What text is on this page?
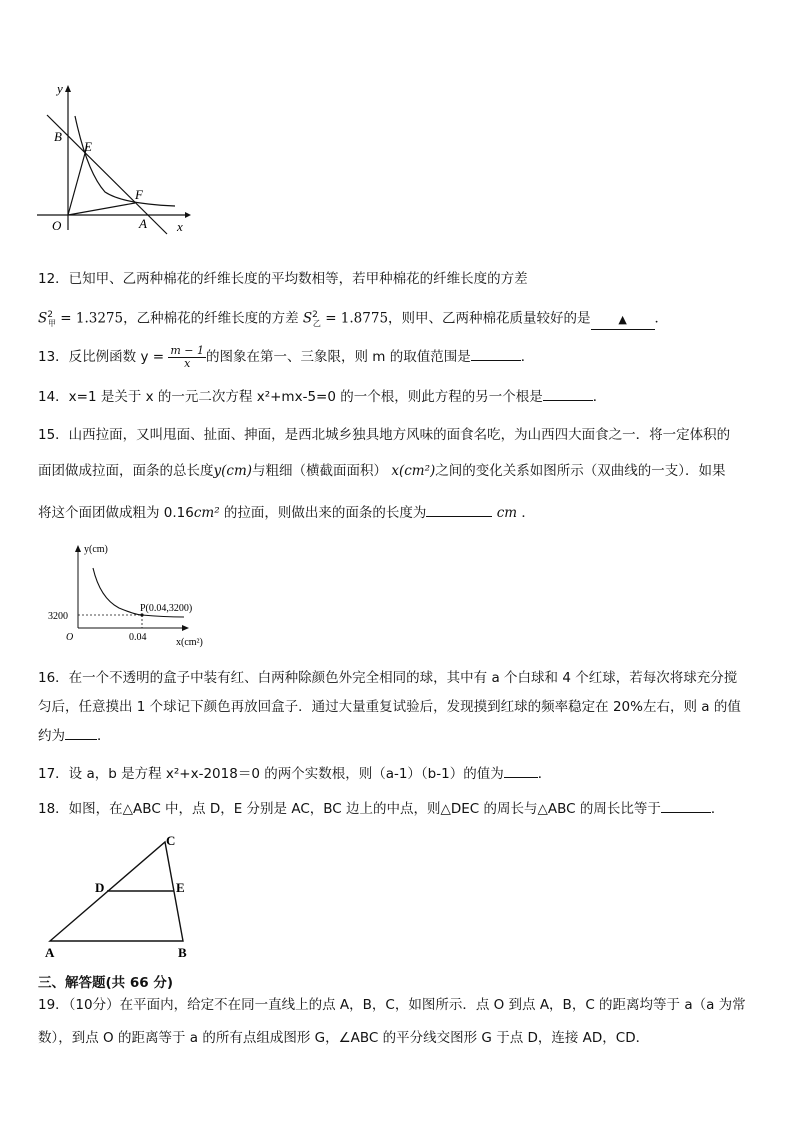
y
B
E
F
O	A x
12．已知甲、乙两种棉花的纤维长度的平均数相等，若甲种棉花的纤维长度的方差
$S^2_甲 = 1.3275$，乙种棉花的纤维长度的方差 $S^2_乙 = 1.8775$，则甲、乙两种棉花质量较好的是	▲ ．
13．反比例函数 $y = \frac{m - 1}{x}$ 的图象在第一、三象限，则 m 的取值范围是	．
14．x=1 是关于 x 的一元二次方程 x²+mx-5=0 的一个根，则此方程的另一个根是	．
15．山西拉面，又叫甩面、扯面、抻面，是西北城乡独具地方风味的面食名吃，为山西四大面食之一．将一定体积的
面团做成拉面，面条的总长度y(cm)与粗细（横截面面积） x(cm²)之间的变化关系如图所示（双曲线的一支）．如果
将这个面团做成粗为 0.16cm² 的拉面，则做出来的面条的长度为	cm ．
y(cm)
3200
O	0.04
P(0.04,3200)
x(cm²)
16．在一个不透明的盒子中装有红、白两种除颜色外完全相同的球，其中有 a 个白球和 4 个红球，若每次将球充分搅
匀后，任意摸出 1 个球记下颜色再放回盒子．通过大量重复试验后，发现摸到红球的频率稳定在 20%左右，则 a 的值
约为 ．
17．设 a，b 是方程 x²+x-2018＝0 的两个实数根，则（a-1）（b-1）的值为	．
18．如图，在△ABC 中，点 D，E 分别是 AC，BC 边上的中点，则△DEC 的周长与△ABC 的周长比等于	．
A	B
C
D	E
三、解答题(共 66 分)
19．（10分）在平面内，给定不在同一直线上的点 A，B，C，如图所示．点 O 到点 A，B，C 的距离均等于 a（a 为常
数），到点 O 的距离等于 a 的所有点组成图形 G，∠ABC 的平分线交图形 G 于点 D，连接 AD，CD．
